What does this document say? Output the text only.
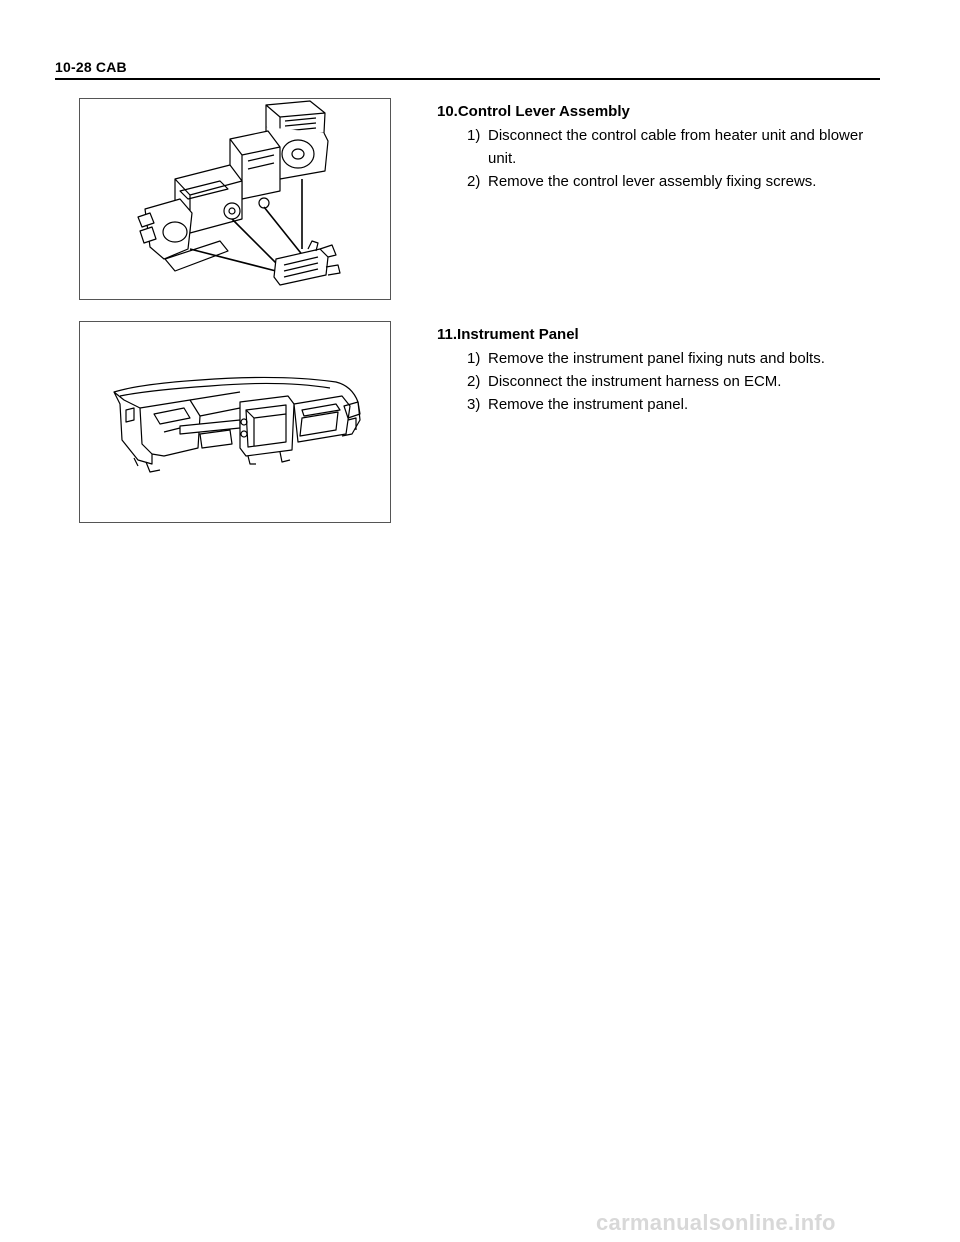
10-28 CAB
10.Control Lever Assembly
1) Disconnect the control cable from heater unit and blower
unit.
2) Remove the control lever assembly fixing screws.
11.Instrument Panel
1) Remove the instrument panel fixing nuts and bolts.
2) Disconnect the instrument harness on ECM.
3) Remove the instrument panel.
carmanualsonline.info
